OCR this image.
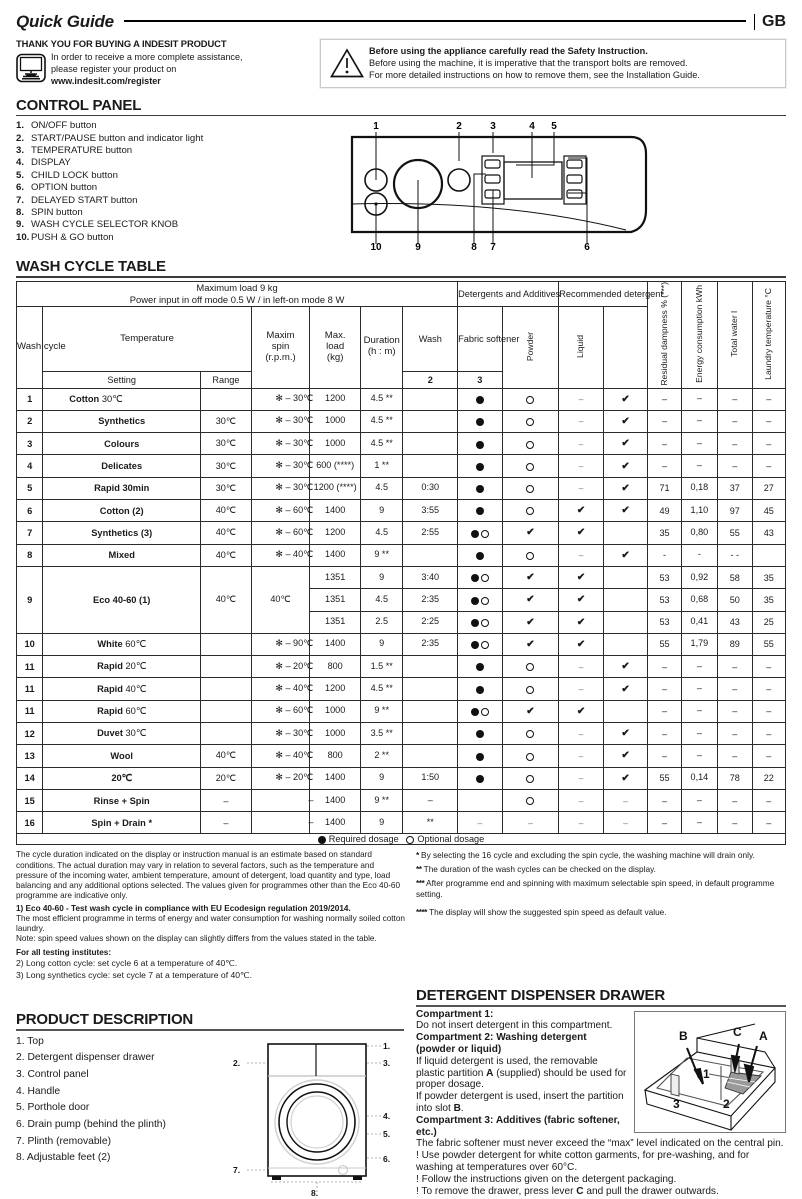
Quick Guide	GB
THANK YOU FOR BUYING A INDESIT PRODUCT
In order to receive a more complete assistance,
please register your product on
www.indesit.com/register
Before using the appliance carefully read the Safety Instruction.
Before using the machine, it is imperative that the transport bolts are removed.
For more detailed instructions on how to remove them, see the Installation Guide.
CONTROL PANEL
1. ON/OFF button
2. START/PAUSE button and indicator light
3. TEMPERATURE button
4. DISPLAY
5. CHILD LOCK button
6. OPTION button
7. DELAYED START button
8. SPIN button
9. WASH CYCLE SELECTOR KNOB
10. PUSH & GO button
1	2	3	4 5
10	9	8 7	6
WASH CYCLE TABLE
Maximum load 9 kg
Power input in off mode 0.5 W / in left-on mode 8 W							Detergents and Additives		Recommended detergent		Residual dampness % (***)	Energy consumption kWh	Total water l	Laundry temperature °C
Wash cycle	Temperature	Maxim
spin
(r.p.m.)

Max.
load
(kg)

Duration
(h : m)
	Wash	Fabric softener	Powder	Liquid
	Setting	Range				2	3							
1	Cotton 30℃		✻ – 30℃	1200	4.5 **				–	✔	–	–	–	–
2	Synthetics	30℃	✻ – 30℃	1000	4.5 **				–	✔	–	–	–	–
3	Colours	30℃	✻ – 30℃	1000	4.5 **				–	✔	–	–	–	–
4	Delicates	30℃	✻ – 30℃	600 (****)	1 **				–	✔	–	–	–	–
5	Rapid 30min	30℃	✻ – 30℃	1200 (****)	4.5	0:30			–	✔	71	0,18	37	27
6	Cotton (2)	40℃	✻ – 60℃	1400	9	3:55			✔	✔	49	1,10	97	45
7	Synthetics (3)	40℃	✻ – 60℃	1200	4.5	2:55		✔	✔		35	0,80	55	43
8	Mixed	40℃	✻ – 40℃	1400	9 **				–	✔	-	-	- -	
9	Eco 40-60 (1)	40℃	40℃	1351	9	3:40		✔	✔		53	0,92	58	35

				1351	4.5	2:35		✔	✔		53	0,68	50	35

				1351	2.5	2:25		✔	✔		53	0,41	43	25
10	White 60℃		✻ – 90℃	1400	9	2:35		✔	✔		55	1,79	89	55
11	Rapid 20℃		✻ – 20℃	800	1.5 **				–	✔	–	–	–	–
11	Rapid 40℃		✻ – 40℃	1200	4.5 **				–	✔	–	–	–	–
11	Rapid 60℃		✻ – 60℃	1000	9 **			✔	✔		–	–	–	–
12	Duvet 30℃		✻ – 30℃	1000	3.5 **				–	✔	–	–	–	–
13	Wool	40℃	✻ – 40℃	800	2 **				–	✔	–	–	–	–
14	20℃	20℃	✻ – 20℃	1400	9	1:50			–	✔	55	0,14	78	22
15	Rinse + Spin	–	–	1400	9 **	–			–	–	–	–	–	–
16	Spin + Drain *	–	–	1400	9	**	–	–	–	–	–	–	–	–
Required dosage Optional dosage

The cycle duration indicated on the display or instruction manual is an estimate based on standard conditions. The actual duration may vary in relation to several factors, such as the temperature and pressure of the incoming water, ambient temperature, amount of detergent, load quantity and type, load balancing and any additional options selected. The values given for programmes other than the Eco 40-60 programme are indicative only.

1) Eco 40-60 - Test wash cycle in compliance with EU Ecodesign regulation 2019/2014.

The most efficient programme in terms of energy and water consumption for washing normally soiled cotton laundry.

Note: spin speed values shown on the display can slightly differs from the values stated in the table.

For all testing institutes:

2) Long cotton cycle: set cycle 6 at a temperature of 40℃.

3) Long synthetics cycle: set cycle 7 at a temperature of 40℃.

* By selecting the 16 cycle and excluding the spin cycle, the washing machine will drain only.

** The duration of the wash cycles can be checked on the display.

*** After programme end and spinning with maximum selectable spin speed, in default programme setting.

**** The display will show the suggested spin speed as default value.

PRODUCT DESCRIPTION
1. Top
2. Detergent dispenser drawer
3. Control panel
4. Handle
5. Porthole door
6. Drain pump (behind the plinth)
7. Plinth (removable)
8. Adjustable feet (2)
1.
2.	3.
4.
5.
6.
7.
8.
DETERGENT DISPENSER DRAWER
B	C A
1
2
3
Compartment 1:
Do not insert detergent in this compartment.
Compartment 2: Washing detergent (powder or liquid)
If liquid detergent is used, the removable plastic partition A (supplied) should be used for proper dosage.
If powder detergent is used, insert the partition into slot B.
Compartment 3: Additives (fabric softener, etc.)
The fabric softener must never exceed the “max” level indicated on the central pin.
! Use powder detergent for white cotton garments, for pre-washing, and for washing at temperatures over 60°C.
! Follow the instructions given on the detergent packaging.
! To remove the drawer, press lever C and pull the drawer outwards.
